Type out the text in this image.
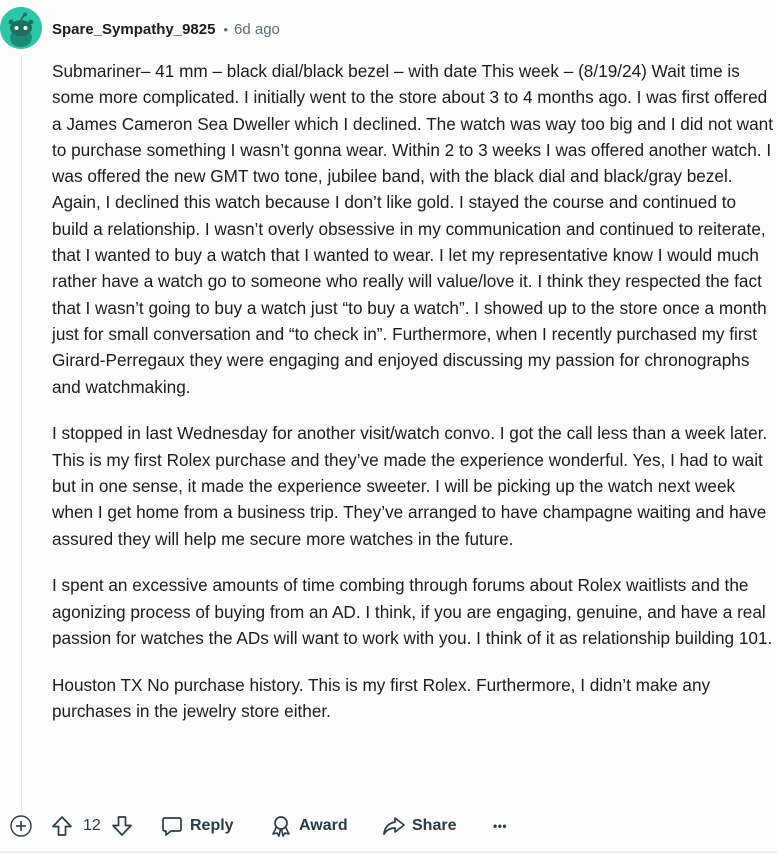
Spare_Sympathy_9825 • 6d ago

Submariner– 41 mm – black dial/black bezel – with date This week – (8/19/24) Wait time is some more complicated. I initially went to the store about 3 to 4 months ago. I was first offered a James Cameron Sea Dweller which I declined. The watch was way too big and I did not want to purchase something I wasn’t gonna wear. Within 2 to 3 weeks I was offered another watch. I was offered the new GMT two tone, jubilee band, with the black dial and black/gray bezel. Again, I declined this watch because I don’t like gold. I stayed the course and continued to build a relationship. I wasn’t overly obsessive in my communication and continued to reiterate, that I wanted to buy a watch that I wanted to wear. I let my representative know I would much rather have a watch go to someone who really will value/love it. I think they respected the fact that I wasn’t going to buy a watch just “to buy a watch”. I showed up to the store once a month just for small conversation and “to check in”. Furthermore, when I recently purchased my first Girard-Perregaux they were engaging and enjoyed discussing my passion for chronographs and watchmaking.

I stopped in last Wednesday for another visit/watch convo. I got the call less than a week later. This is my first Rolex purchase and they’ve made the experience wonderful. Yes, I had to wait but in one sense, it made the experience sweeter. I will be picking up the watch next week when I get home from a business trip. They’ve arranged to have champagne waiting and have assured they will help me secure more watches in the future.

I spent an excessive amounts of time combing through forums about Rolex waitlists and the agonizing process of buying from an AD. I think, if you are engaging, genuine, and have a real passion for watches the ADs will want to work with you. I think of it as relationship building 101.

Houston TX No purchase history. This is my first Rolex. Furthermore, I didn’t make any purchases in the jewelry store either.

12	Reply	Award	Share	•••
